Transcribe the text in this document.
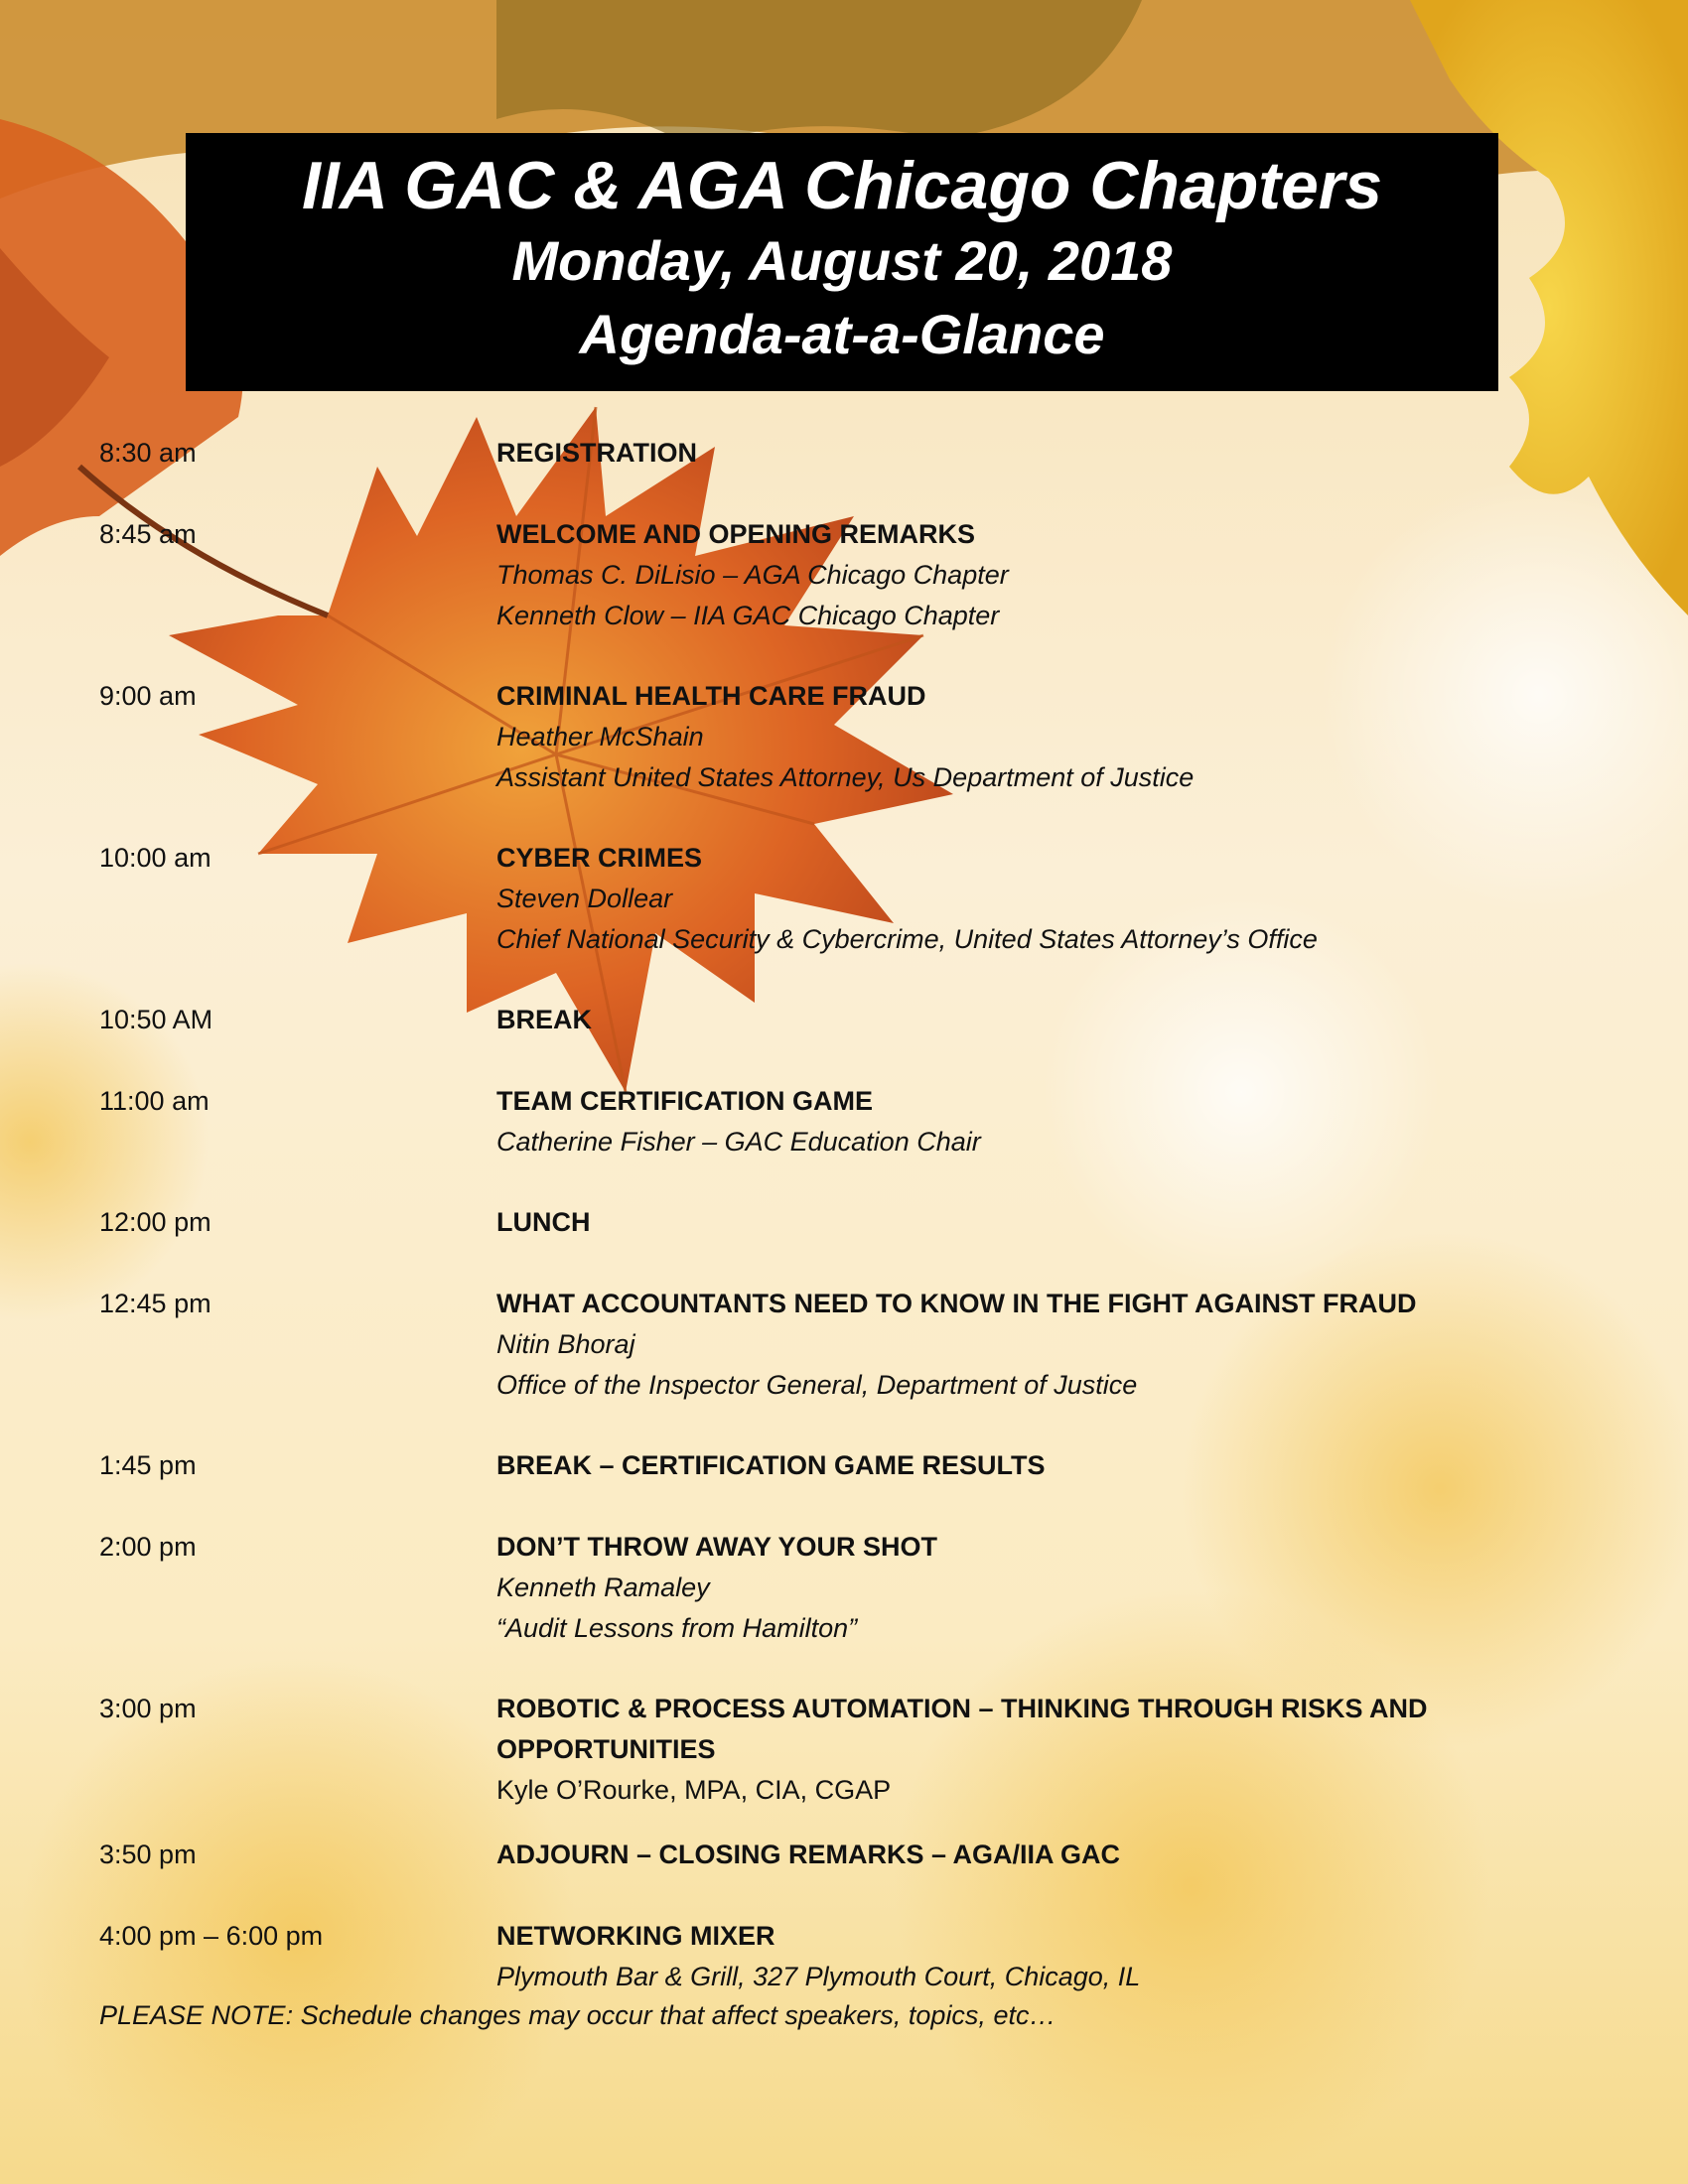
IIA GAC & AGA Chicago Chapters
Monday, August 20, 2018
Agenda-at-a-Glance
8:30 am	REGISTRATION
8:45 am	WELCOME AND OPENING REMARKS
Thomas C. DiLisio – AGA Chicago Chapter
Kenneth Clow – IIA GAC Chicago Chapter
9:00 am	CRIMINAL HEALTH CARE FRAUD
Heather McShain
Assistant United States Attorney, Us Department of Justice
10:00 am	CYBER CRIMES
Steven Dollear
Chief National Security & Cybercrime, United States Attorney’s Office
10:50 AM	BREAK
11:00 am	TEAM CERTIFICATION GAME
Catherine Fisher – GAC Education Chair
12:00 pm	LUNCH
12:45 pm	WHAT ACCOUNTANTS NEED TO KNOW IN THE FIGHT AGAINST FRAUD
Nitin Bhoraj
Office of the Inspector General, Department of Justice
1:45 pm	BREAK – CERTIFICATION GAME RESULTS
2:00 pm	DON’T THROW AWAY YOUR SHOT
Kenneth Ramaley
“Audit Lessons from Hamilton”
3:00 pm	ROBOTIC & PROCESS AUTOMATION – THINKING THROUGH RISKS AND
OPPORTUNITIES
Kyle O’Rourke, MPA, CIA, CGAP
3:50 pm	ADJOURN – CLOSING REMARKS – AGA/IIA GAC
4:00 pm – 6:00 pm	NETWORKING MIXER
Plymouth Bar & Grill, 327 Plymouth Court, Chicago, IL
PLEASE NOTE: Schedule changes may occur that affect speakers, topics, etc…
